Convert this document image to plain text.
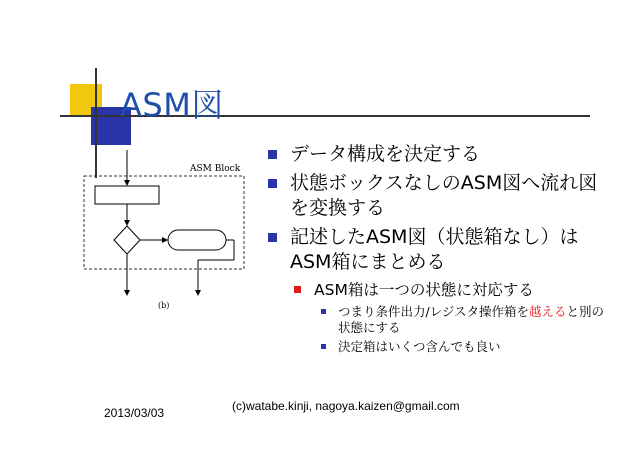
ASM図
ASM Block
(b)
データ構成を決定する
状態ボックスなしのASM図へ流れ図を変換する
記述したASM図（状態箱なし）はASM箱にまとめる
ASM箱は一つの状態に対応する
つまり条件出力/レジスタ操作箱を越えると別の状態にする
決定箱はいくつ含んでも良い
2013/03/03	(c)watabe.kinji, nagoya.kaizen@gmail.com
